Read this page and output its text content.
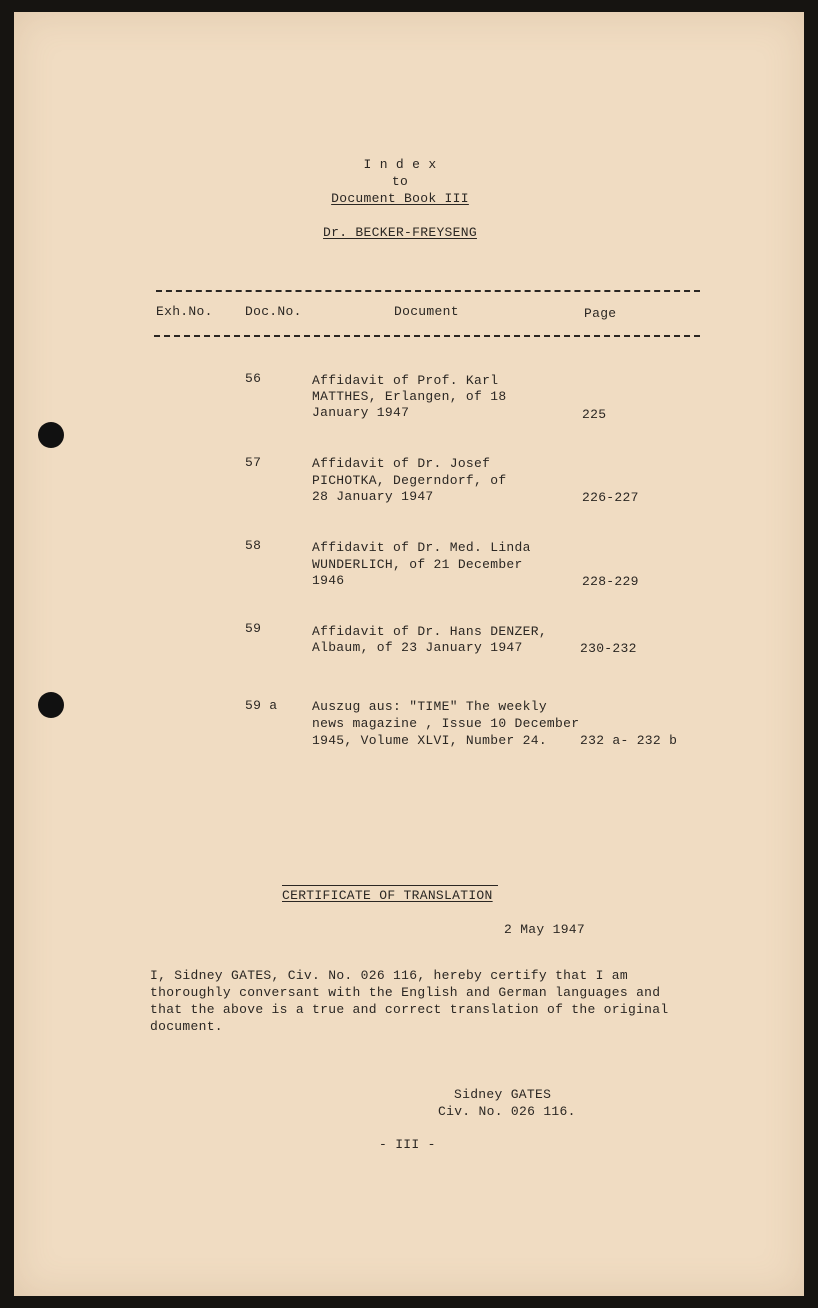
I n d e x
to
Document Book III
Dr. BECKER-FREYSENG
Exh.No. Doc.No.	Document	Page
56	Affidavit of Prof. Karl
MATTHES, Erlangen, of 18
January 1947	225
57	Affidavit of Dr. Josef
PICHOTKA, Degerndorf, of
28 January 1947	226-227
58	Affidavit of Dr. Med. Linda
WUNDERLICH, of 21 December
1946	228-229
59	Affidavit of Dr. Hans DENZER,
Albaum, of 23 January 1947	230-232
59 a	Auszug aus: "TIME" The weekly
news magazine , Issue 10 December
1945, Volume XLVI, Number 24.	232 a- 232 b
CERTIFICATE OF TRANSLATION
2 May 1947
I, Sidney GATES, Civ. No. 026 116, hereby certify that I am
thoroughly conversant with the English and German languages and
that the above is a true and correct translation of the original
document.
Sidney GATES
Civ. No. 026 116.
- III -
